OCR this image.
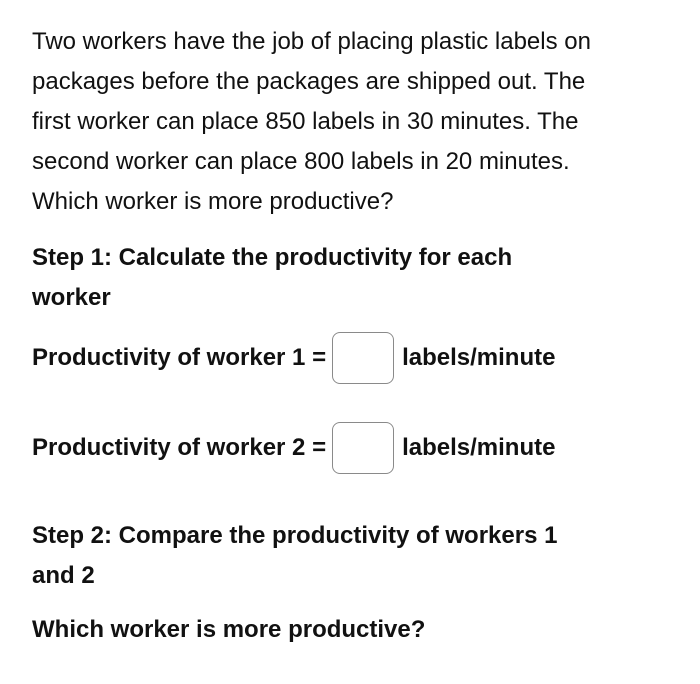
Two workers have the job of placing plastic labels on
packages before the packages are shipped out. The
first worker can place 850 labels in 30 minutes. The
second worker can place 800 labels in 20 minutes.
Which worker is more productive?

Step 1: Calculate the productivity for each
worker

Productivity of worker 1 =	labels/minute
Productivity of worker 2 =	labels/minute

Step 2: Compare the productivity of workers 1
and 2

Which worker is more productive?
